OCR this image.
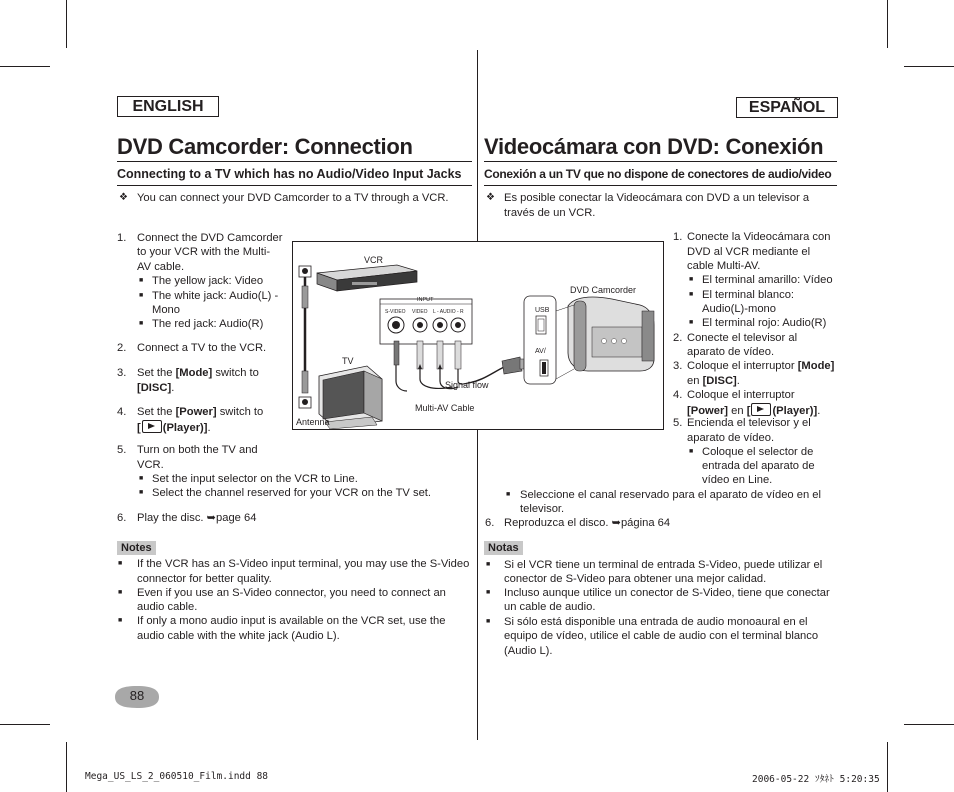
ENGLISH	ESPAÑOL
DVD Camcorder: Connection	Videocámara con DVD: Conexión
Connecting to a TV which has no Audio/Video Input Jacks Conexión a un TV que no dispone de conectores de audio/video
❖ You can connect your DVD Camcorder to a TV through a VCR.
1. Connect the DVD Camcorder
to your VCR with the Multi-
AV cable.
■ The yellow jack: Video
■ The white jack: Audio(L) -
Mono
■ The red jack: Audio(R)
2. Connect a TV to the VCR.
3. Set the [Mode] switch to
[DISC].
4. Set the [Power] switch to
[ (Player)].
5. Turn on both the TV and
VCR.
■ Set the input selector on the VCR to Line.
■ Select the channel reserved for your VCR on the TV set.
6. Play the disc. ➥page 64
Notes
■ If the VCR has an S-Video input terminal, you may use the S-Video
connector for better quality.
■ Even if you use an S-Video connector, you need to connect an
audio cable.
■ If only a mono audio input is available on the VCR set, use the
audio cable with the white jack (Audio L).
88
❖ Es posible conectar la Videocámara con DVD a un televisor a
través de un VCR.
1. Conecte la Videocámara con
DVD al VCR mediante el
cable Multi-AV.
■ El terminal amarillo: Vídeo
■ El terminal blanco:
Audio(L)-mono
■ El terminal rojo: Audio(R)
2. Conecte el televisor al
aparato de vídeo.
3. Coloque el interruptor [Mode]
en [DISC].
4. Coloque el interruptor
[Power] en [ (Player)].
5. Encienda el televisor y el
aparato de vídeo.
■ Coloque el selector de
entrada del aparato de
vídeo en Line.
■ Seleccione el canal reservado para el aparato de vídeo en el
televisor.
6. Reproduzca el disco. ➥página 64
Notas
■ Si el VCR tiene un terminal de entrada S-Video, puede utilizar el
conector de S-Video para obtener una mejor calidad.
■ Incluso aunque utilice un conector de S-Video, tiene que conectar
un cable de audio.
■ Si sólo está disponible una entrada de audio monoaural en el
equipo de vídeo, utilice el cable de audio con el terminal blanco
(Audio L).
VCR
TV
Antenna
DVD Camcorder
Signal flow
Multi-AV Cable
INPUT
S-VIDEO VIDEO L - AUDIO - R	USB
AV/
Mega_US_LS_2_060510_Film.indd 88	2006-05-22 ｿﾀﾈﾄ 5:20:35
